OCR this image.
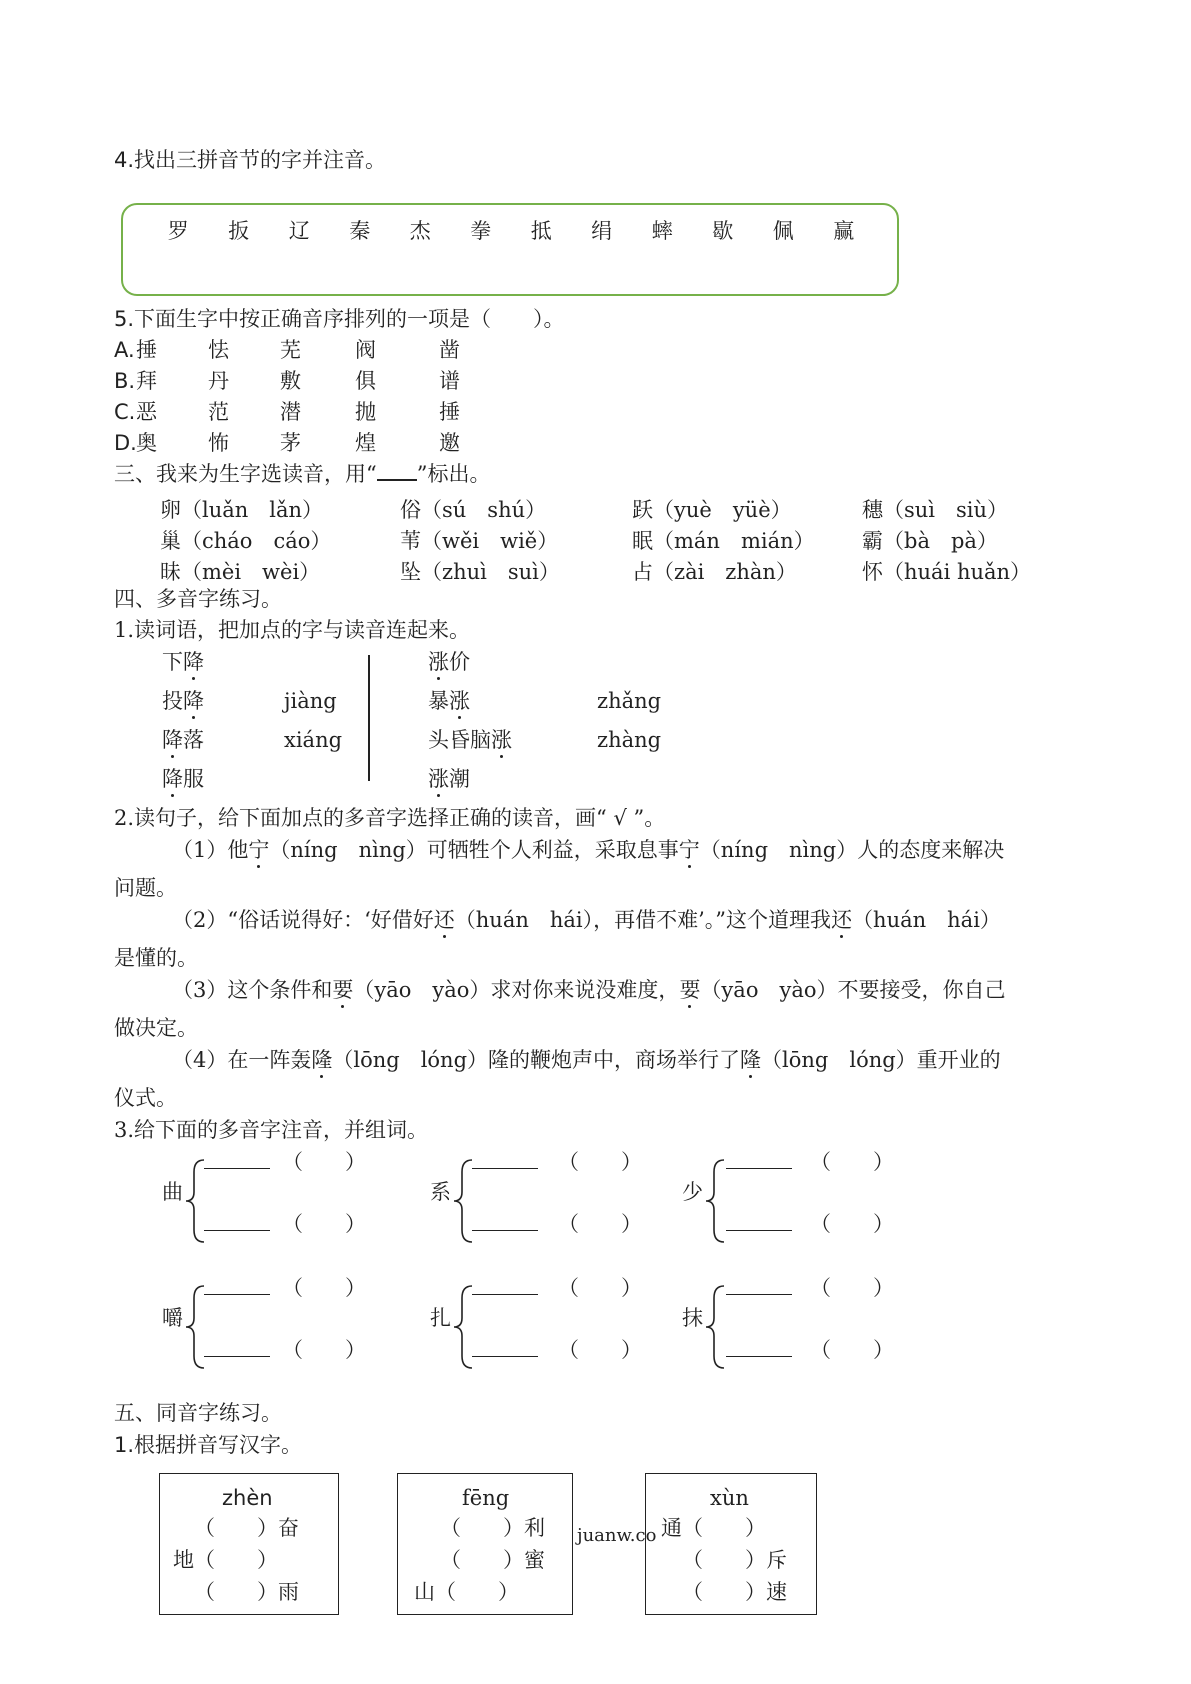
4.找出三拼音节的字并注音。
罗 扳 辽 秦 杰 拳 抵 绢 蟀 歇 佩 赢
5.下面生字中按正确音序排列的一项是（　　）。
A.捶 怯 芜	阀	凿
B.拜 丹 敷	俱	谱
C.恶 范 潜	抛	捶
D.奥 怖 茅	煌	邀
三、我来为生字选读音，用“ ”标出。
卵（luǎn　lǎn）	俗（sú　shú）	跃（yuè　yüè）	穗（suì　siù）
巢（cháo　cáo）	苇（wěi　wiě）	眠（mán　mián） 霸（bà　pà）
昧（mèi　wèi）	坠（zhuì　suì）	占（zài　zhàn）	怀（huái huǎn）
四、多音字练习。
1.读词语，把加点的字与读音连起来。
下降
投降
降落
降服
jiàng
xiáng
涨价
暴涨
头昏脑涨
涨潮
zhǎng
zhàng
2.读句子，给下面加点的多音字选择正确的读音，画“ √ ”。
（1）他宁（níng　nìng）可牺牲个人利益，采取息事宁（níng　nìng）人的态度来解决
问题。
（2）“俗话说得好：‘好借好还（huán　hái），再借不难’。”这个道理我还（huán　hái）
是懂的。
（3）这个条件和要（yāo　yào）求对你来说没难度，要（yāo　yào）不要接受，你自己
做决定。
（4）在一阵轰隆（lōng　lóng）隆的鞭炮声中，商场举行了隆（lōng　lóng）重开业的
仪式。
3.给下面的多音字注音，并组词。
曲
（　　）
（　　）
系
（　　）
（　　）
少
（　　）
（　　）
嚼
（　　）
（　　）
扎
（　　）
（　　）
抹
（　　）
（　　）
五、同音字练习。
1.根据拼音写汉字。
zhèn
（　　）奋
地（　　）
（　　）雨
fēng
（　　）利
（　　）蜜
山（　　）
juanw.co
xùn
通（　　）
（　　）斥
（　　）速
